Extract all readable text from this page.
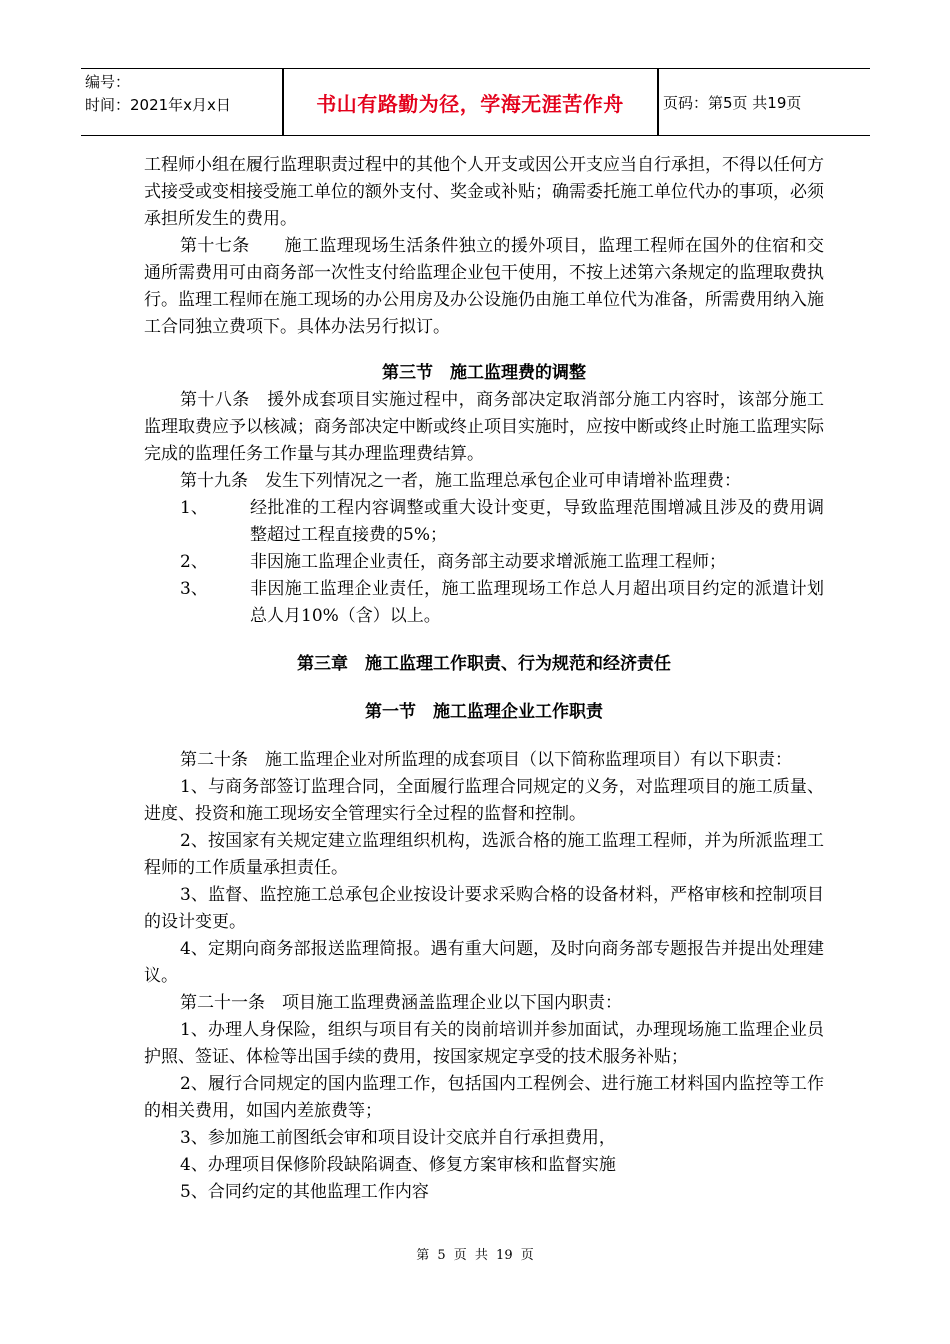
编号：
时间：2021年x月x日	书山有路勤为径，学海无涯苦作舟	页码：第5页 共19页

工程师小组在履行监理职责过程中的其他个人开支或因公开支应当自行承担，不得以任何方式接受或变相接受施工单位的额外支付、奖金或补贴；确需委托施工单位代办的事项，必须承担所发生的费用。

第十七条　　施工监理现场生活条件独立的援外项目，监理工程师在国外的住宿和交通所需费用可由商务部一次性支付给监理企业包干使用，不按上述第六条规定的监理取费执行。监理工程师在施工现场的办公用房及办公设施仍由施工单位代为准备，所需费用纳入施工合同独立费项下。具体办法另行拟订。

第三节　施工监理费的调整

第十八条　援外成套项目实施过程中，商务部决定取消部分施工内容时，该部分施工监理取费应予以核减；商务部决定中断或终止项目实施时，应按中断或终止时施工监理实际完成的监理任务工作量与其办理监理费结算。

第十九条　发生下列情况之一者，施工监理总承包企业可申请增补监理费：

1、 经批准的工程内容调整或重大设计变更，导致监理范围增减且涉及的费用调整超过工程直接费的5%；
2、 非因施工监理企业责任，商务部主动要求增派施工监理工程师；
3、 非因施工监理企业责任，施工监理现场工作总人月超出项目约定的派遣计划总人月10%（含）以上。

第三章　施工监理工作职责、行为规范和经济责任

第一节　施工监理企业工作职责

第二十条　施工监理企业对所监理的成套项目（以下简称监理项目）有以下职责：

1、与商务部签订监理合同，全面履行监理合同规定的义务，对监理项目的施工质量、进度、投资和施工现场安全管理实行全过程的监督和控制。

2、按国家有关规定建立监理组织机构，选派合格的施工监理工程师，并为所派监理工程师的工作质量承担责任。

3、监督、监控施工总承包企业按设计要求采购合格的设备材料，严格审核和控制项目的设计变更。

4、定期向商务部报送监理简报。遇有重大问题，及时向商务部专题报告并提出处理建议。

第二十一条　项目施工监理费涵盖监理企业以下国内职责：

1、办理人身保险，组织与项目有关的岗前培训并参加面试，办理现场施工监理企业员护照、签证、体检等出国手续的费用，按国家规定享受的技术服务补贴；

2、履行合同规定的国内监理工作，包括国内工程例会、进行施工材料国内监控等工作的相关费用，如国内差旅费等；

3、参加施工前图纸会审和项目设计交底并自行承担费用，

4、办理项目保修阶段缺陷调查、修复方案审核和监督实施

5、合同约定的其他监理工作内容

第 5 页 共 19 页
